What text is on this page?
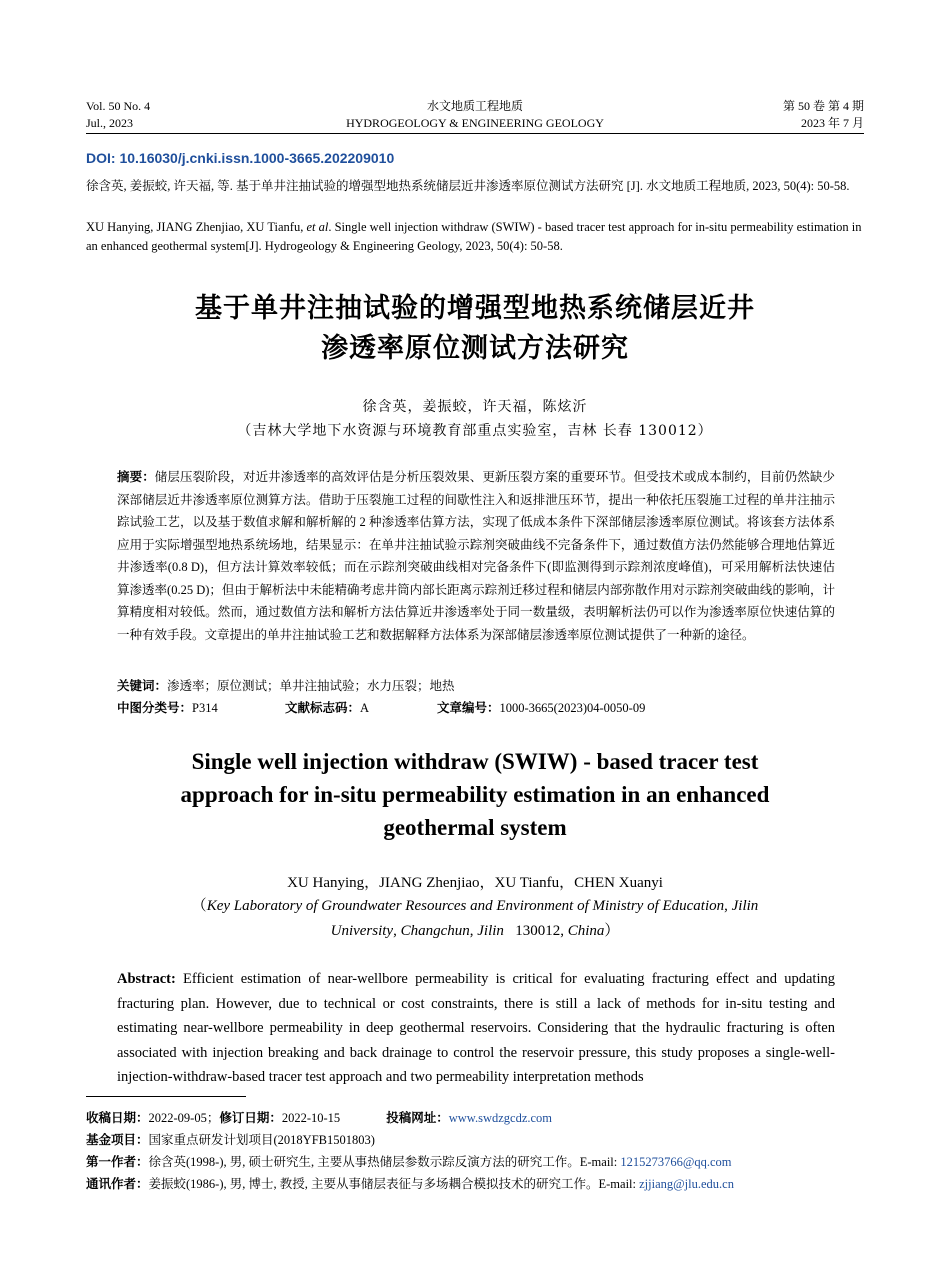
Vol. 50 No. 4
Jul., 2023
水文地质工程地质
HYDROGEOLOGY & ENGINEERING GEOLOGY
第 50 卷 第 4 期
2023 年 7 月
DOI: 10.16030/j.cnki.issn.1000-3665.202209010
徐含英, 姜振蛟, 许天福, 等. 基于单井注抽试验的增强型地热系统储层近井渗透率原位测试方法研究 [J]. 水文地质工程地质, 2023, 50(4): 50-58.
XU Hanying, JIANG Zhenjiao, XU Tianfu, et al. Single well injection withdraw (SWIW) - based tracer test approach for in-situ permeability estimation in an enhanced geothermal system[J]. Hydrogeology & Engineering Geology, 2023, 50(4): 50-58.
基于单井注抽试验的增强型地热系统储层近井
渗透率原位测试方法研究
徐含英，姜振蛟，许天福，陈炫沂
（吉林大学地下水资源与环境教育部重点实验室，吉林 长春 130012）
摘要：储层压裂阶段，对近井渗透率的高效评估是分析压裂效果、更新压裂方案的重要环节。但受技术或成本制约，目前仍然缺少深部储层近井渗透率原位测算方法。借助于压裂施工过程的间歇性注入和返排泄压环节，提出一种依托压裂施工过程的单井注抽示踪试验工艺，以及基于数值求解和解析解的 2 种渗透率估算方法，实现了低成本条件下深部储层渗透率原位测试。将该套方法体系应用于实际增强型地热系统场地，结果显示：在单井注抽试验示踪剂突破曲线不完备条件下，通过数值方法仍然能够合理地估算近井渗透率(0.8 D)，但方法计算效率较低；而在示踪剂突破曲线相对完备条件下(即监测得到示踪剂浓度峰值)，可采用解析法快速估算渗透率(0.25 D)；但由于解析法中未能精确考虑井筒内部长距离示踪剂迁移过程和储层内部弥散作用对示踪剂突破曲线的影响，计算精度相对较低。然而，通过数值方法和解析方法估算近井渗透率处于同一数量级，表明解析法仍可以作为渗透率原位快速估算的一种有效手段。文章提出的单井注抽试验工艺和数据解释方法体系为深部储层渗透率原位测试提供了一种新的途径。
关键词：渗透率；原位测试；单井注抽试验；水力压裂；地热
中图分类号：P314	文献标志码：A	文章编号：1000-3665(2023)04-0050-09
Single well injection withdraw (SWIW) - based tracer test
approach for in-situ permeability estimation in an enhanced
geothermal system
XU Hanying，JIANG Zhenjiao，XU Tianfu，CHEN Xuanyi
（Key Laboratory of Groundwater Resources and Environment of Ministry of Education, Jilin University, Changchun, Jilin   130012, China）
Abstract: Efficient estimation of near-wellbore permeability is critical for evaluating fracturing effect and updating fracturing plan. However, due to technical or cost constraints, there is still a lack of methods for in-situ testing and estimating near-wellbore permeability in deep geothermal reservoirs. Considering that the hydraulic fracturing is often associated with injection breaking and back drainage to control the reservoir pressure, this study proposes a single-well-injection-withdraw-based tracer test approach and two permeability interpretation methods
收稿日期：2022-09-05；修订日期：2022-10-15	投稿网址：www.swdzgcdz.com
基金项目：国家重点研发计划项目(2018YFB1501803)
第一作者：徐含英(1998-), 男, 硕士研究生, 主要从事热储层参数示踪反演方法的研究工作。E-mail: 1215273766@qq.com
通讯作者：姜振蛟(1986-), 男, 博士, 教授, 主要从事储层表征与多场耦合模拟技术的研究工作。E-mail: zjjiang@jlu.edu.cn
